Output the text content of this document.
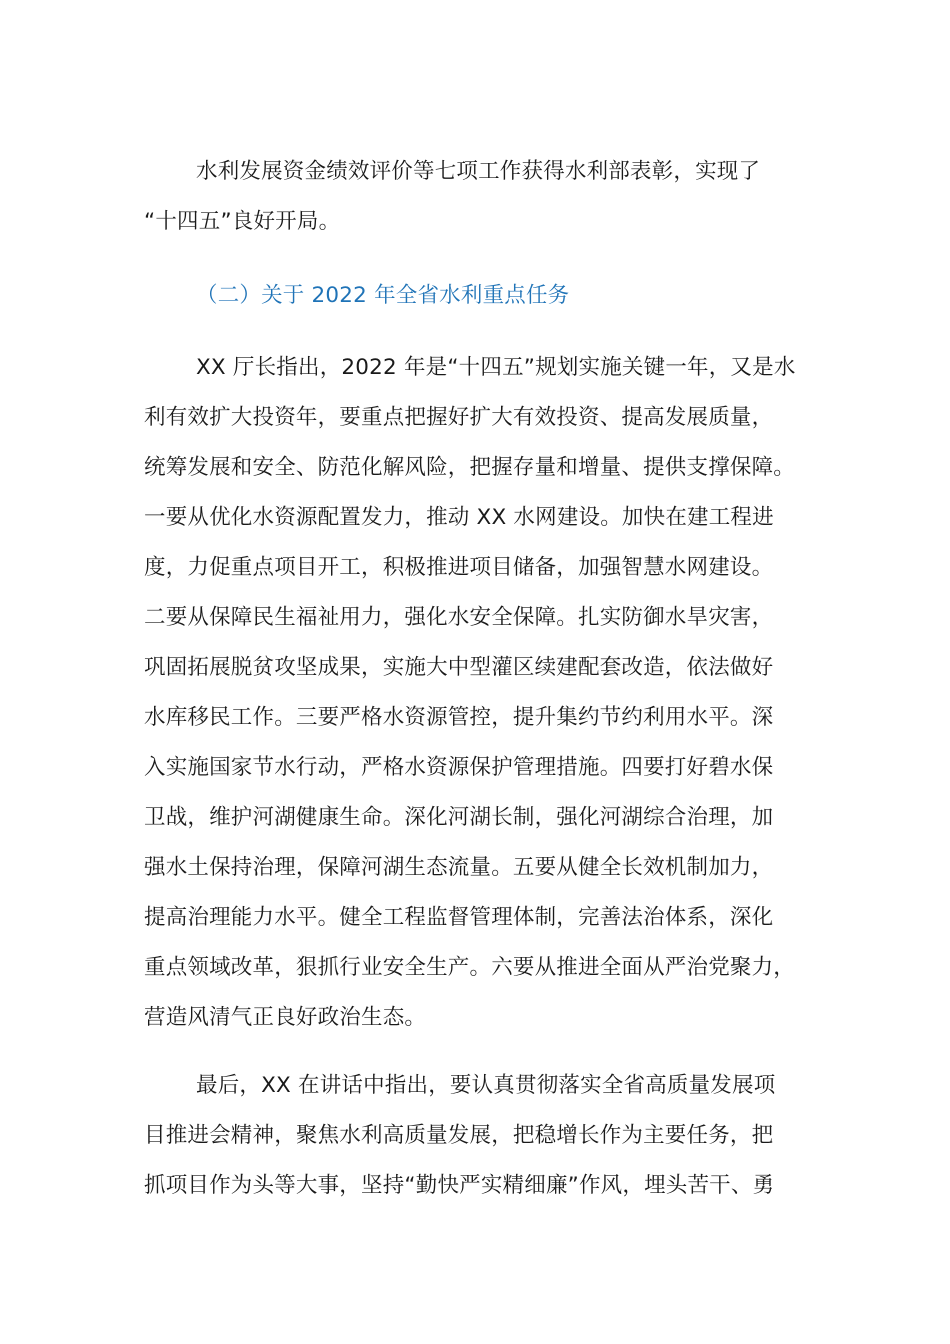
水利发展资金绩效评价等七项工作获得水利部表彰，实现了
“十四五”良好开局。
（二）关于 2022 年全省水利重点任务
XX 厅长指出，2022 年是“十四五”规划实施关键一年，又是水
利有效扩大投资年，要重点把握好扩大有效投资、提高发展质量，
统筹发展和安全、防范化解风险，把握存量和增量、提供支撑保障。
一要从优化水资源配置发力，推动 XX 水网建设。加快在建工程进
度，力促重点项目开工，积极推进项目储备，加强智慧水网建设。
二要从保障民生福祉用力，强化水安全保障。扎实防御水旱灾害，
巩固拓展脱贫攻坚成果，实施大中型灌区续建配套改造，依法做好
水库移民工作。三要严格水资源管控，提升集约节约利用水平。深
入实施国家节水行动，严格水资源保护管理措施。四要打好碧水保
卫战，维护河湖健康生命。深化河湖长制，强化河湖综合治理，加
强水土保持治理，保障河湖生态流量。五要从健全长效机制加力，
提高治理能力水平。健全工程监督管理体制，完善法治体系，深化
重点领域改革，狠抓行业安全生产。六要从推进全面从严治党聚力，
营造风清气正良好政治生态。
最后，XX 在讲话中指出，要认真贯彻落实全省高质量发展项
目推进会精神，聚焦水利高质量发展，把稳增长作为主要任务，把
抓项目作为头等大事，坚持“勤快严实精细廉”作风，埋头苦干、勇
